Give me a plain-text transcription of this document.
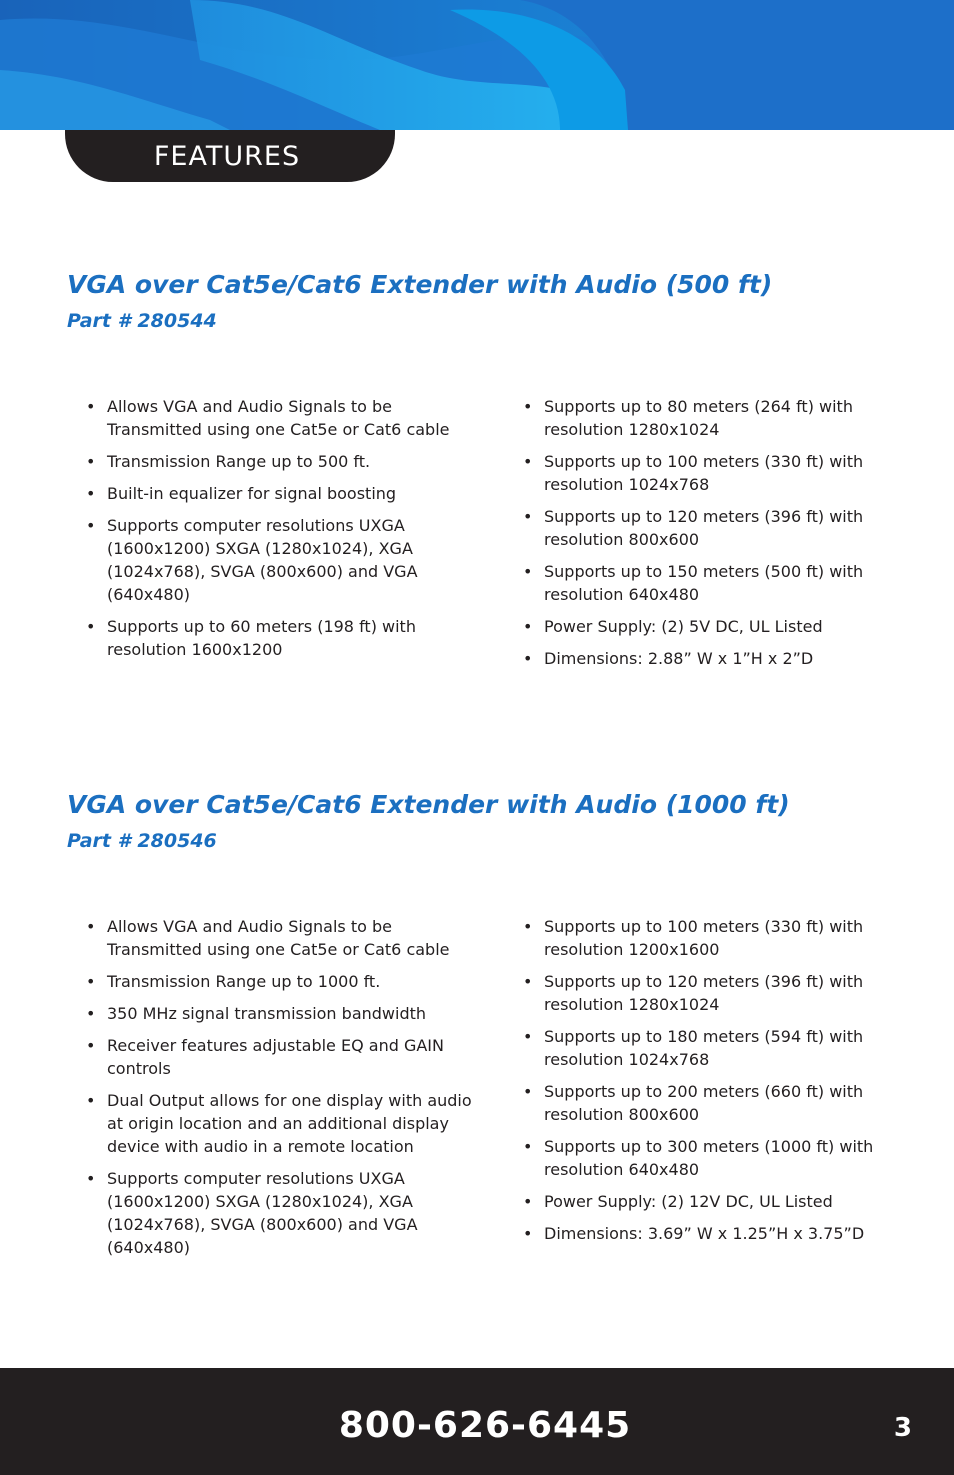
FEATURES
VGA over Cat5e/Cat6 Extender with Audio (500 ft)
Part # 280544
• Allows VGA and Audio Signals to be Transmitted using one Cat5e or Cat6 cable
• Transmission Range up to 500 ft.
• Built-in equalizer for signal boosting
• Supports computer resolutions UXGA (1600x1200) SXGA (1280x1024), XGA (1024x768), SVGA (800x600) and VGA (640x480)
• Supports up to 60 meters (198 ft) with resolution 1600x1200
• Supports up to 80 meters (264 ft) with resolution 1280x1024
• Supports up to 100 meters (330 ft) with resolution 1024x768
• Supports up to 120 meters (396 ft) with resolution 800x600
• Supports up to 150 meters (500 ft) with resolution 640x480
• Power Supply: (2) 5V DC, UL Listed
• Dimensions: 2.88” W x 1”H x 2”D
VGA over Cat5e/Cat6 Extender with Audio (1000 ft)
Part # 280546
• Allows VGA and Audio Signals to be Transmitted using one Cat5e or Cat6 cable
• Transmission Range up to 1000 ft.
• 350 MHz signal transmission bandwidth
• Receiver features adjustable EQ and GAIN controls
• Dual Output allows for one display with audio at origin location and an additional display device with audio in a remote location
• Supports computer resolutions UXGA (1600x1200) SXGA (1280x1024), XGA (1024x768), SVGA (800x600) and VGA (640x480)
• Supports up to 100 meters (330 ft) with resolution 1200x1600
• Supports up to 120 meters (396 ft) with resolution 1280x1024
• Supports up to 180 meters (594 ft) with resolution 1024x768
• Supports up to 200 meters (660 ft) with resolution 800x600
• Supports up to 300 meters (1000 ft) with resolution 640x480
• Power Supply: (2) 12V DC, UL Listed
• Dimensions: 3.69” W x 1.25”H x 3.75”D
800-626-6445	3
